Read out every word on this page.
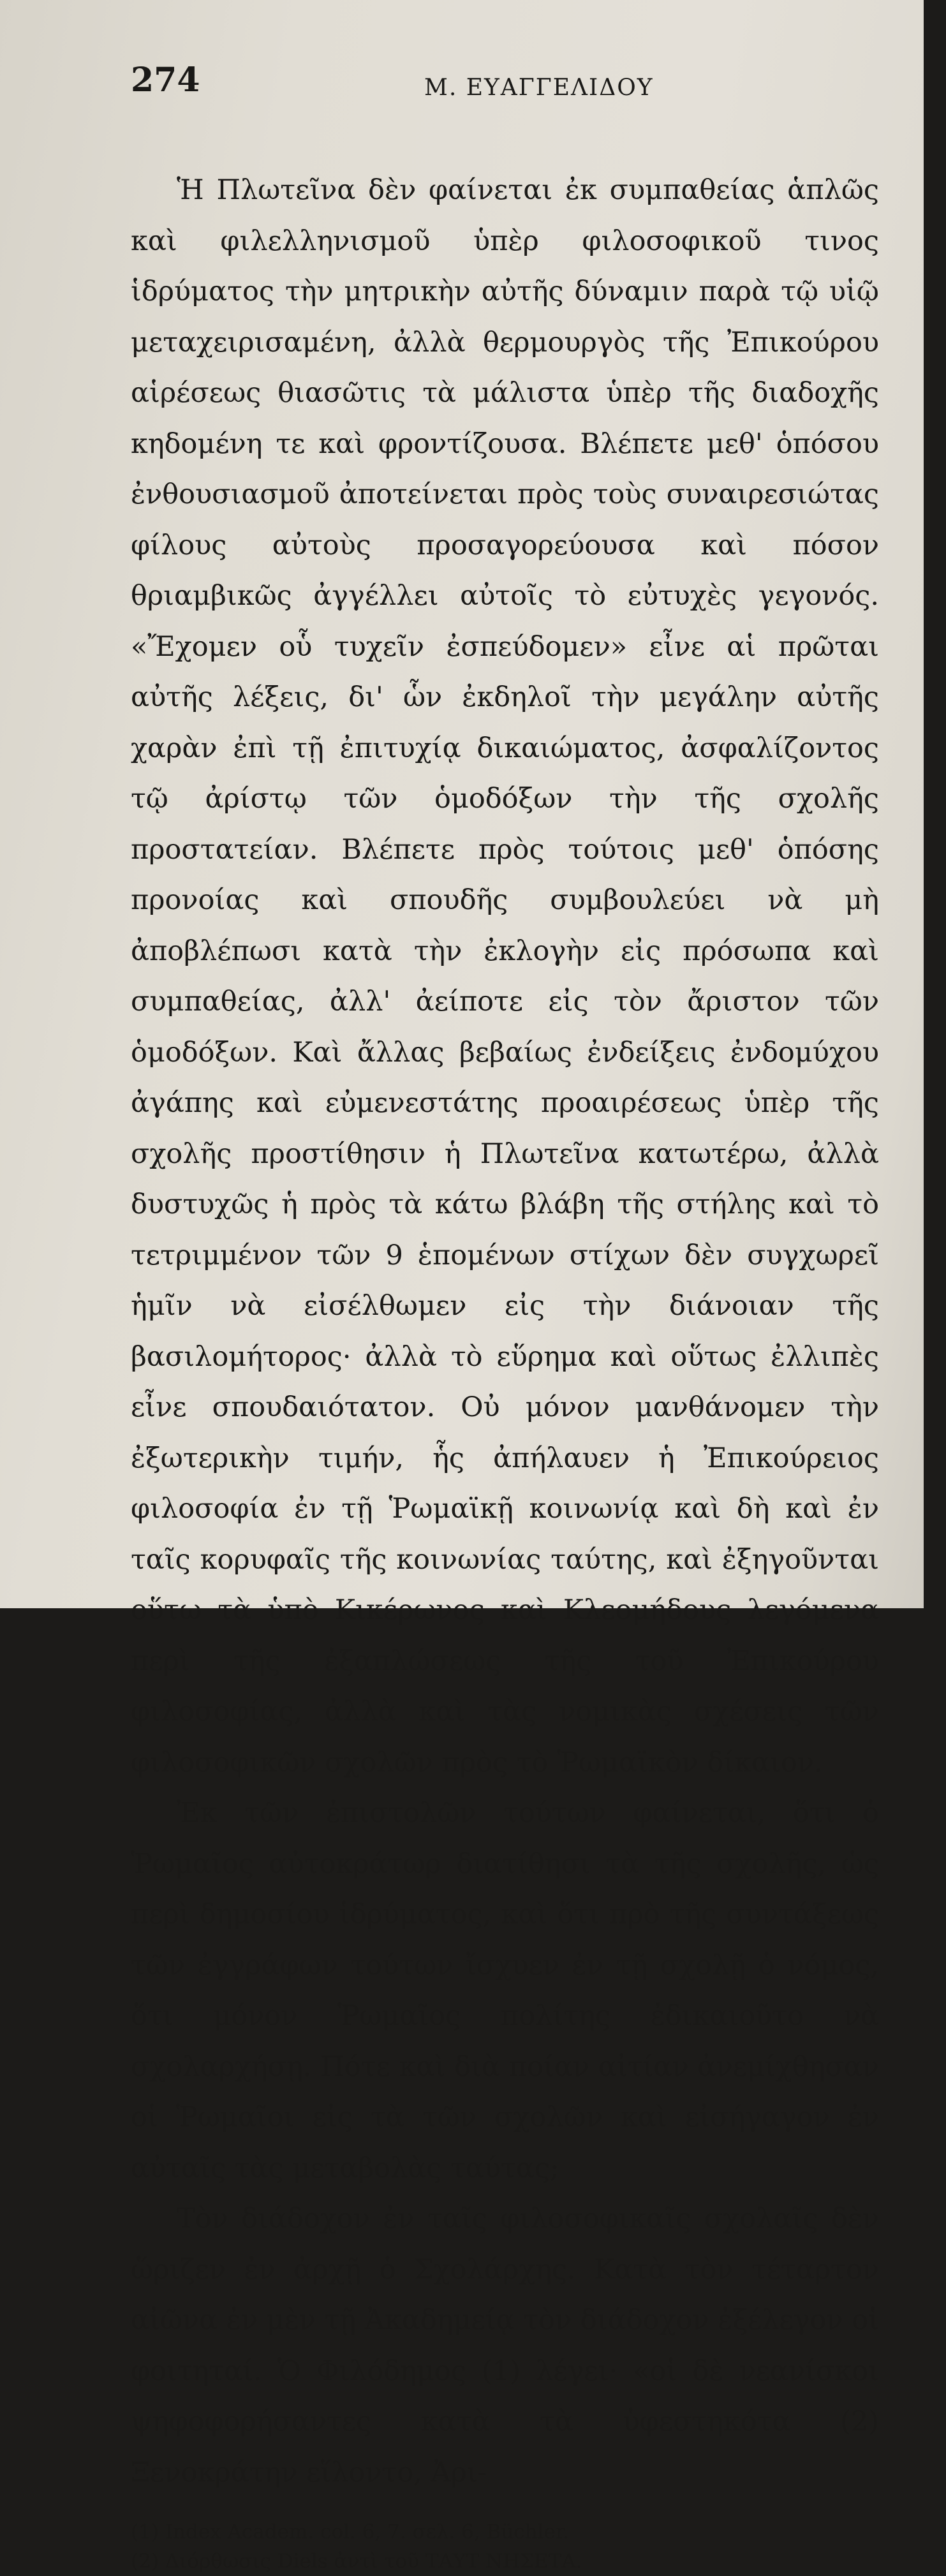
274	Μ. ΕΥΑΓΓΕΛΙΔΟΥ

Ἡ Πλωτεῖνα δὲν φαίνεται ἐκ συμπαθείας ἁπλῶς καὶ φιλελληνισμοῦ ὑπὲρ φιλοσοφικοῦ τινος ἱδρύματος τὴν μητρικὴν αὐτῆς δύναμιν παρὰ τῷ υἱῷ μεταχειρισαμένη, ἀλλὰ θερμουργὸς τῆς Ἐπικούρου αἱρέσεως θιασῶτις τὰ μάλιστα ὑπὲρ τῆς διαδοχῆς κηδομένη τε καὶ φροντίζουσα. Βλέπετε μεθ' ὁπόσου ἐνθουσιασμοῦ ἀποτείνεται πρὸς τοὺς συναιρεσιώτας φίλους αὐτοὺς προσαγορεύουσα καὶ πόσον θριαμβικῶς ἀγγέλλει αὐτοῖς τὸ εὐτυχὲς γεγονός. «Ἔχομεν οὗ τυχεῖν ἐσπεύδομεν» εἶνε αἱ πρῶται αὐτῆς λέξεις, δι' ὧν ἐκδηλοῖ τὴν μεγάλην αὐτῆς χαρὰν ἐπὶ τῇ ἐπιτυχίᾳ δικαιώματος, ἀσφαλίζοντος τῷ ἀρίστῳ τῶν ὁμοδόξων τὴν τῆς σχολῆς προστατείαν. Βλέπετε πρὸς τούτοις μεθ' ὁπόσης προνοίας καὶ σπουδῆς συμβουλεύει νὰ μὴ ἀποβλέπωσι κατὰ τὴν ἐκλογὴν εἰς πρόσωπα καὶ συμπαθείας, ἀλλ' ἀείποτε εἰς τὸν ἄριστον τῶν ὁμοδόξων. Καὶ ἄλλας βεβαίως ἐνδείξεις ἐνδομύχου ἀγάπης καὶ εὐμενεστάτης προαιρέσεως ὑπὲρ τῆς σχολῆς προστίθησιν ἡ Πλωτεῖνα κατωτέρω, ἀλλὰ δυστυχῶς ἡ πρὸς τὰ κάτω βλάβη τῆς στήλης καὶ τὸ τετριμμένον τῶν 9 ἑπομένων στίχων δὲν συγχωρεῖ ἡμῖν νὰ εἰσέλθωμεν εἰς τὴν διάνοιαν τῆς βασιλομήτορος· ἀλλὰ τὸ εὕρημα καὶ οὕτως ἐλλιπὲς εἶνε σπουδαιότατον. Οὐ μόνον μανθάνομεν τὴν ἐξωτερικὴν τιμήν, ἧς ἀπήλαυεν ἡ Ἐπικούρειος φιλοσοφία ἐν τῇ Ῥωμαϊκῇ κοινωνίᾳ καὶ δὴ καὶ ἐν ταῖς κορυφαῖς τῆς κοινωνίας ταύτης, καὶ ἐξηγοῦνται οὕτω τὰ ὑπὸ Κικέρωνος καὶ Κλεομήδους λεγόμενα περὶ τῆς ἐξαπλώσεως τῆς τοῦ Ἐπικούρου φιλοσοφίας, ἀλλὰ καὶ τὰς νομικὰς σχέσεις τῶν φιλοσοφικῶν σχολῶν πρὸς τὸ Ῥωμαϊκὸν δίκαιον.

Ἐκ τῶν ἐπιστολῶν τούτων φαίνεται, ὅτι ὁ Ῥωμαῖος αὐτοκράτωρ διατίθησι τὰ τῆς σχολῆς, ὡς περὶ δημοσίου ἱδρύματος, καὶ ὅτι πρὸ τῆς συντάξεως τῶν ἐγγράφων τούτων ἴσχυεν ἐν τῇ σχολῇ ὁ νόμος, ὅτι μόνον Ῥωμαῖος πολίτης ἐδικαιοῦτο νὰ σχολαρχήσῃ. Πότε καὶ διὰ ποίαν αἰτίαν ἀνεμίχθησαν οἱ Ῥωμαῖοι εἰς τὰ τῶν σχολῶν καὶ εἰσήγαγον ἐν αὐταῖς τὰς μεταβολὰς ταύτας;

Τὸν διάδοχον ἐν ταῖς φιλοσοφικαῖς σχολαῖς δὲν ὥριζεν ἐν ἀρχῇ ὁ Σχολάρχης. Κατὰ τὸν τέταρτον αἰῶνα ἐν μὲν τῇ Ἀκαδημείᾳ τὸν διάδοχον ἐξέλεγον οἱ φοιτηταί. Ὁ Φιλόδημος (1) λέγει· «οἱ δὲ νεανίσκοι ψηφοφορήσαντες κατὰ τὰ ὑφεστηκότα (2) Ξενοκράτην εἵλοντο, Ἀρι-

(1) Index Academ. col. 6, 7. σελ. 6, Büchler.
(2) Διόρθωσις Diels ἀντὶ τοῦ ΤΑΥΤ ΝΗΣΕΤΑ.
